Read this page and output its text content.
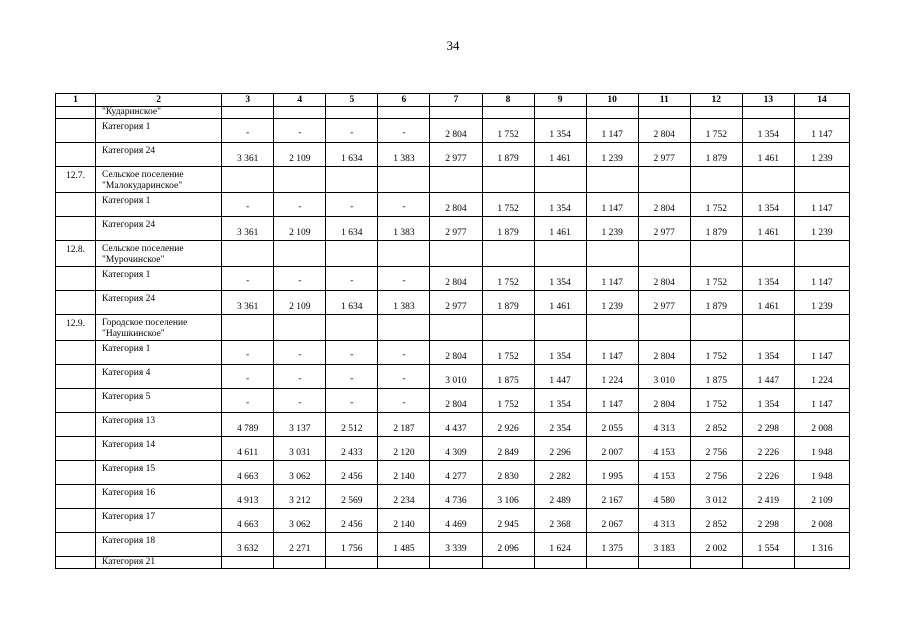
34
1	2	3	4	5	6	7	8	9	10	11	12	13	14
	"Кударинское"												
	Категория 1	-	-	-	-	2 804	1 752	1 354	1 147	2 804	1 752	1 354	1 147
	Категория 24	3 361	2 109	1 634	1 383	2 977	1 879	1 461	1 239	2 977	1 879	1 461	1 239
12.7.	Сельское поселение "Малокударинское"												
	Категория 1	-	-	-	-	2 804	1 752	1 354	1 147	2 804	1 752	1 354	1 147
	Категория 24	3 361	2 109	1 634	1 383	2 977	1 879	1 461	1 239	2 977	1 879	1 461	1 239
12.8.	Сельское поселение "Мурочинское"												
	Категория 1	-	-	-	-	2 804	1 752	1 354	1 147	2 804	1 752	1 354	1 147
	Категория 24	3 361	2 109	1 634	1 383	2 977	1 879	1 461	1 239	2 977	1 879	1 461	1 239
12.9.	Городское поселение "Наушкинское"												
	Категория 1	-	-	-	-	2 804	1 752	1 354	1 147	2 804	1 752	1 354	1 147
	Категория 4	-	-	-	-	3 010	1 875	1 447	1 224	3 010	1 875	1 447	1 224
	Категория 5	-	-	-	-	2 804	1 752	1 354	1 147	2 804	1 752	1 354	1 147
	Категория 13	4 789	3 137	2 512	2 187	4 437	2 926	2 354	2 055	4 313	2 852	2 298	2 008
	Категория 14	4 611	3 031	2 433	2 120	4 309	2 849	2 296	2 007	4 153	2 756	2 226	1 948
	Категория 15	4 663	3 062	2 456	2 140	4 277	2 830	2 282	1 995	4 153	2 756	2 226	1 948
	Категория 16	4 913	3 212	2 569	2 234	4 736	3 106	2 489	2 167	4 580	3 012	2 419	2 109
	Категория 17	4 663	3 062	2 456	2 140	4 469	2 945	2 368	2 067	4 313	2 852	2 298	2 008
	Категория 18	3 632	2 271	1 756	1 485	3 339	2 096	1 624	1 375	3 183	2 002	1 554	1 316
	Категория 21												
